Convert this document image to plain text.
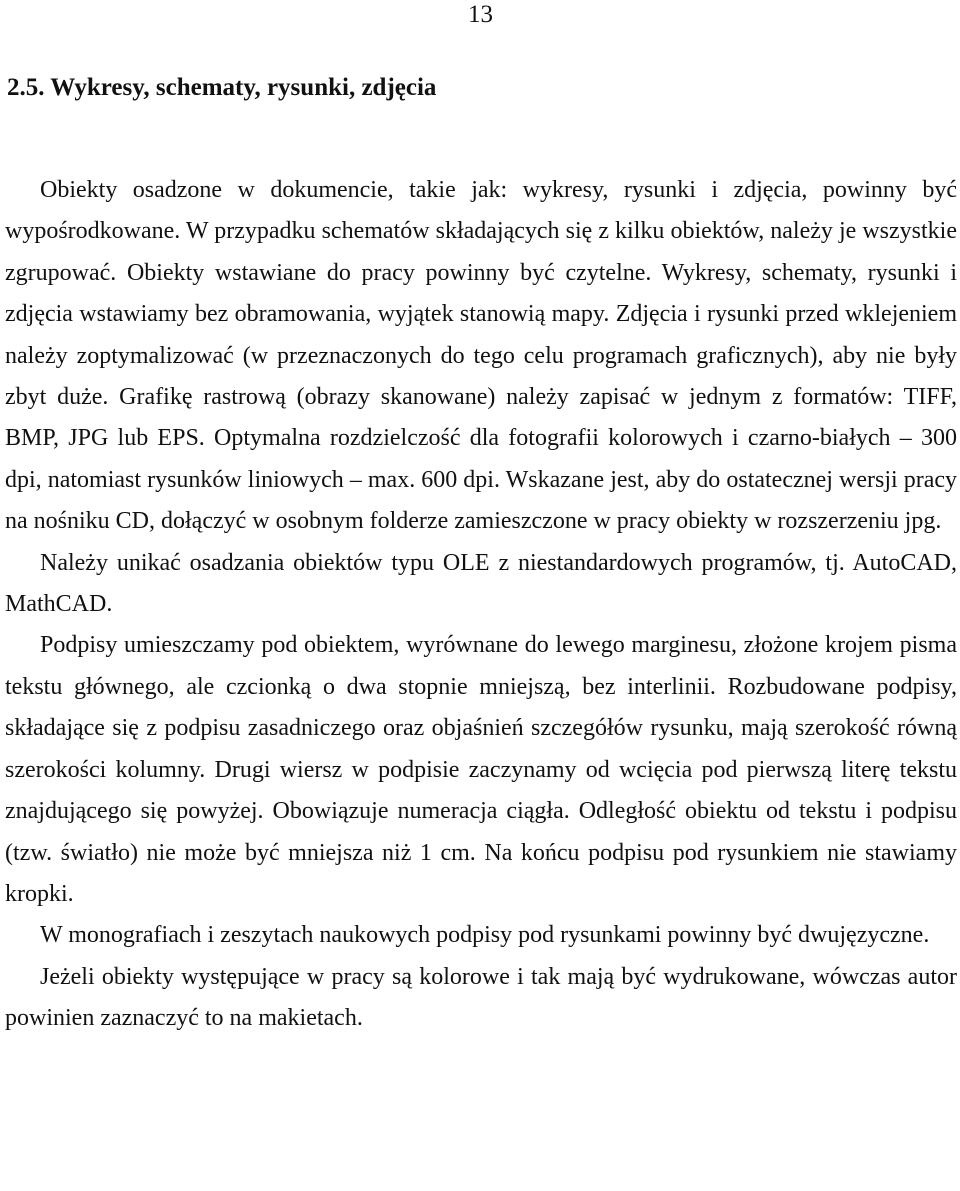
13
2.5. Wykresy, schematy, rysunki, zdjęcia

Obiekty osadzone w dokumencie, takie jak: wykresy, rysunki i zdjęcia, powinny być wypośrodkowane. W przypadku schematów składających się z kilku obiektów, należy je wszystkie zgrupować. Obiekty wstawiane do pracy powinny być czytelne. Wykresy, schematy, rysunki i zdjęcia wstawiamy bez obramowania, wyjątek stanowią mapy. Zdjęcia i rysunki przed wklejeniem należy zoptymalizować (w przeznaczonych do tego celu programach graficznych), aby nie były zbyt duże. Grafikę rastrową (obrazy skanowane) należy zapisać w jednym z formatów: TIFF, BMP, JPG lub EPS. Optymalna rozdzielczość dla fotografii kolorowych i czarno-białych – 300 dpi, natomiast rysunków liniowych – max. 600 dpi. Wskazane jest, aby do ostatecznej wersji pracy na nośniku CD, dołączyć w osobnym folderze zamieszczone w pracy obiekty w rozszerzeniu jpg.

Należy unikać osadzania obiektów typu OLE z niestandardowych programów, tj. AutoCAD, MathCAD.

Podpisy umieszczamy pod obiektem, wyrównane do lewego marginesu, złożone krojem pisma tekstu głównego, ale czcionką o dwa stopnie mniejszą, bez interlinii. Rozbudowane podpisy, składające się z podpisu zasadniczego oraz objaśnień szczegółów rysunku, mają szerokość równą szerokości kolumny. Drugi wiersz w podpisie zaczynamy od wcięcia pod pierwszą literę tekstu znajdującego się powyżej. Obowiązuje numeracja ciągła. Odległość obiektu od tekstu i podpisu (tzw. światło) nie może być mniejsza niż 1 cm. Na końcu podpisu pod rysunkiem nie stawiamy kropki.

W monografiach i zeszytach naukowych podpisy pod rysunkami powinny być dwujęzyczne.

Jeżeli obiekty występujące w pracy są kolorowe i tak mają być wydrukowane, wówczas autor powinien zaznaczyć to na makietach.
